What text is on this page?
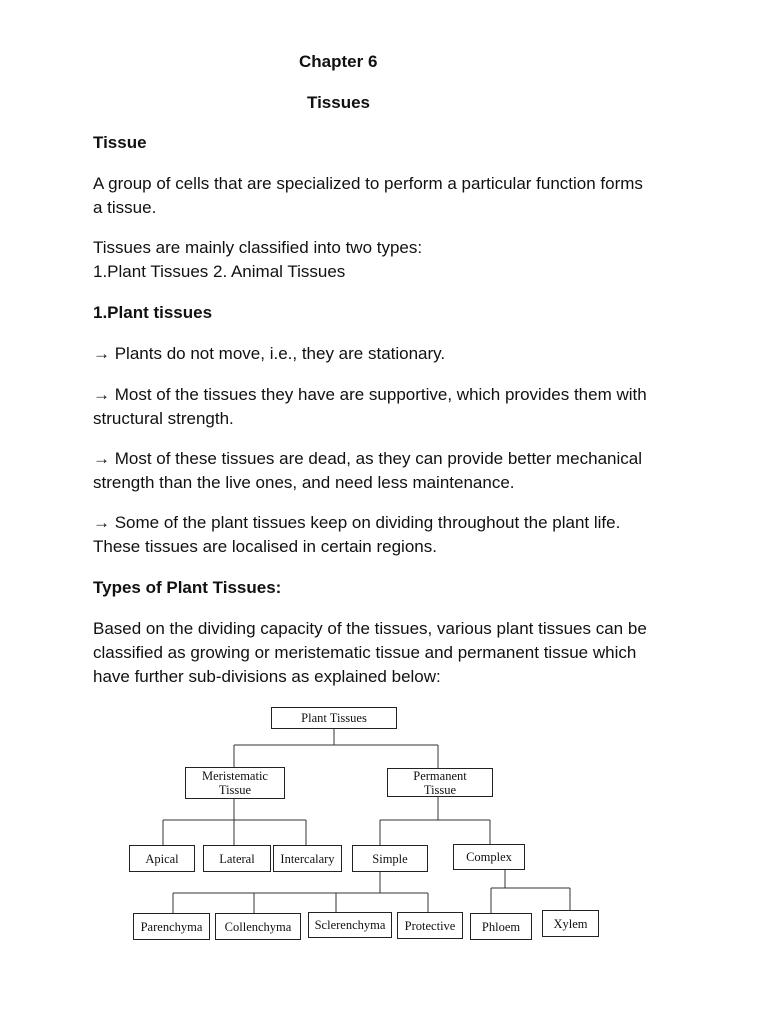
Chapter 6
Tissues
Tissue
A group of cells that are specialized to perform a particular function forms
a tissue.
Tissues are mainly classified into two types:
1.Plant Tissues 2. Animal Tissues
1.Plant tissues
→ Plants do not move, i.e., they are stationary.
→ Most of the tissues they have are supportive, which provides them with
structural strength.
→ Most of these tissues are dead, as they can provide better mechanical
strength than the live ones, and need less maintenance.
→ Some of the plant tissues keep on dividing throughout the plant life.
These tissues are localised in certain regions.
Types of Plant Tissues:
Based on the dividing capacity of the tissues, various plant tissues can be
classified as growing or meristematic tissue and permanent tissue which
have further sub-divisions as explained below:
Plant Tissues
Meristematic
Tissue
Permanent
Tissue
Apical	Lateral Intercalary	Simple	Complex
Parenchyma Collenchyma Sclerenchyma Protective Phloem	Xylem
